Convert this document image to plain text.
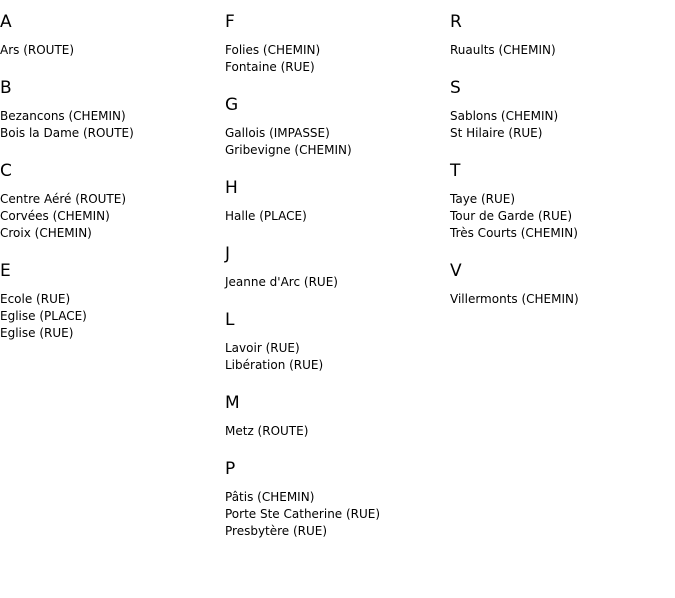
A
Ars (ROUTE)
B
Bezancons (CHEMIN)
Bois la Dame (ROUTE)
C
Centre Aéré (ROUTE)
Corvées (CHEMIN)
Croix (CHEMIN)
E
Ecole (RUE)
Eglise (PLACE)
Eglise (RUE)
F
Folies (CHEMIN)
Fontaine (RUE)
G
Gallois (IMPASSE)
Gribevigne (CHEMIN)
H
Halle (PLACE)
J
Jeanne d'Arc (RUE)
L
Lavoir (RUE)
Libération (RUE)
M
Metz (ROUTE)
P
Pâtis (CHEMIN)
Porte Ste Catherine (RUE)
Presbytère (RUE)
R
Ruaults (CHEMIN)
S
Sablons (CHEMIN)
St Hilaire (RUE)
T
Taye (RUE)
Tour de Garde (RUE)
Très Courts (CHEMIN)
V
Villermonts (CHEMIN)
